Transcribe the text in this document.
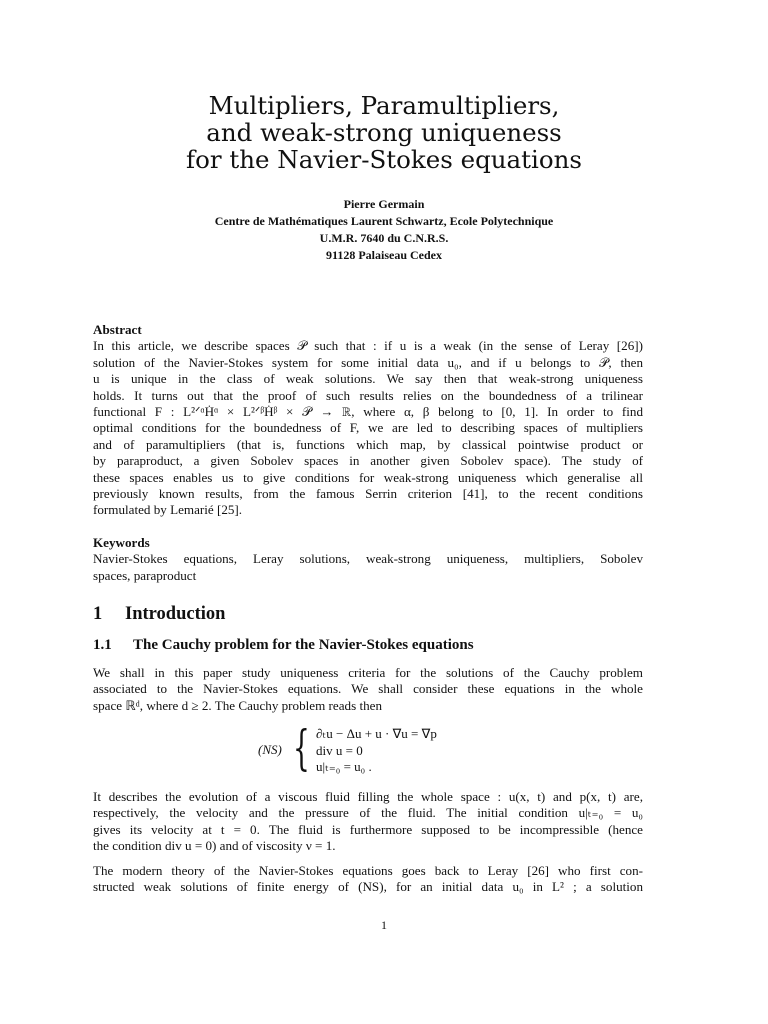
Multipliers, Paramultipliers,
and weak-strong uniqueness
for the Navier-Stokes equations
Pierre Germain
Centre de Mathématiques Laurent Schwartz, Ecole Polytechnique
U.M.R. 7640 du C.N.R.S.
91128 Palaiseau Cedex
Abstract
In this article, we describe spaces 𝒫 such that : if u is a weak (in the sense of Leray [26])
solution of the Navier-Stokes system for some initial data u₀, and if u belongs to 𝒫, then
u is unique in the class of weak solutions. We say then that weak-strong uniqueness
holds. It turns out that the proof of such results relies on the boundedness of a trilinear
functional F : L²ᐟᵅḢᵅ × L²ᐟᵝḢᵝ × 𝒫 → ℝ, where α, β belong to [0, 1]. In order to find
optimal conditions for the boundedness of F, we are led to describing spaces of multipliers
and of paramultipliers (that is, functions which map, by classical pointwise product or
by paraproduct, a given Sobolev spaces in another given Sobolev space). The study of
these spaces enables us to give conditions for weak-strong uniqueness which generalise all
previously known results, from the famous Serrin criterion [41], to the recent conditions
formulated by Lemarié [25].
Keywords
Navier-Stokes equations, Leray solutions, weak-strong uniqueness, multipliers, Sobolev
spaces, paraproduct
1 Introduction
1.1 The Cauchy problem for the Navier-Stokes equations
We shall in this paper study uniqueness criteria for the solutions of the Cauchy problem
associated to the Navier-Stokes equations. We shall consider these equations in the whole
space ℝᵈ, where d ≥ 2. The Cauchy problem reads then
(NS) { ∂ₜu − Δu + u · ∇u = ∇p
div u = 0
u|ₜ₌₀ = u₀ .
It describes the evolution of a viscous fluid filling the whole space : u(x, t) and p(x, t) are,
respectively, the velocity and the pressure of the fluid. The initial condition u|ₜ₌₀ = u₀
gives its velocity at t = 0. The fluid is furthermore supposed to be incompressible (hence
the condition div u = 0) and of viscosity ν = 1.
The modern theory of the Navier-Stokes equations goes back to Leray [26] who first con-
structed weak solutions of finite energy of (NS), for an initial data u₀ in L² ; a solution
1
